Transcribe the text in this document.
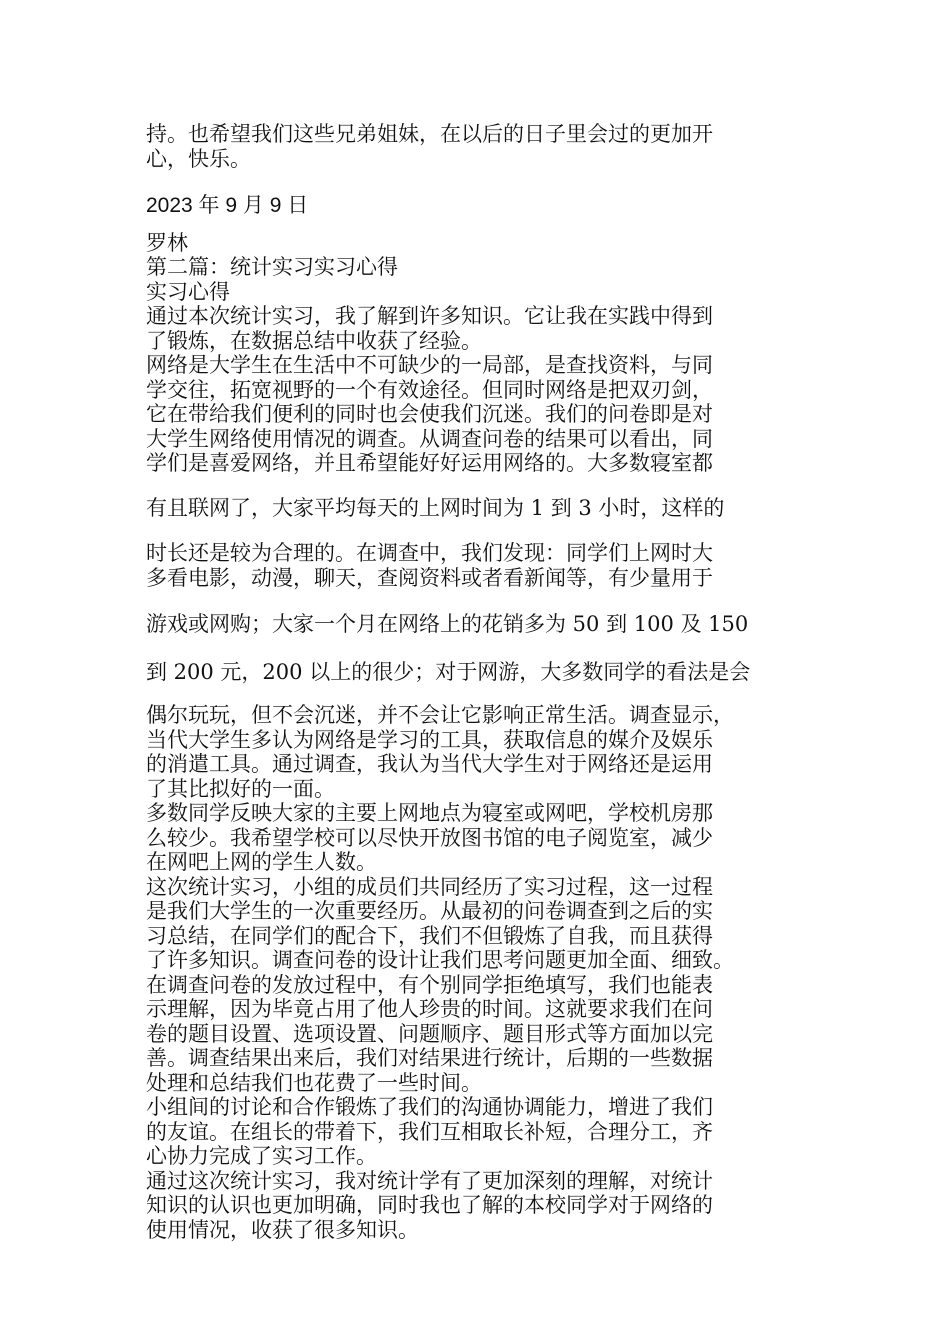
持。也希望我们这些兄弟姐妹，在以后的日子里会过的更加开

心，快乐。

2023 年 9 月 9 日

罗林

第二篇：统计实习实习心得

实习心得

通过本次统计实习，我了解到许多知识。它让我在实践中得到

了锻炼，在数据总结中收获了经验。

网络是大学生在生活中不可缺少的一局部，是查找资料，与同

学交往，拓宽视野的一个有效途径。但同时网络是把双刃剑，

它在带给我们便利的同时也会使我们沉迷。我们的问卷即是对

大学生网络使用情况的调查。从调查问卷的结果可以看出，同

学们是喜爱网络，并且希望能好好运用网络的。大多数寝室都

有且联网了，大家平均每天的上网时间为 1 到 3 小时，这样的

时长还是较为合理的。在调查中，我们发现：同学们上网时大

多看电影，动漫，聊天，查阅资料或者看新闻等，有少量用于

游戏或网购；大家一个月在网络上的花销多为 50 到 100 及 150

到 200 元，200 以上的很少；对于网游，大多数同学的看法是会

偶尔玩玩，但不会沉迷，并不会让它影响正常生活。调查显示，

当代大学生多认为网络是学习的工具，获取信息的媒介及娱乐

的消遣工具。通过调查，我认为当代大学生对于网络还是运用

了其比拟好的一面。

多数同学反映大家的主要上网地点为寝室或网吧，学校机房那

么较少。我希望学校可以尽快开放图书馆的电子阅览室，减少

在网吧上网的学生人数。

这次统计实习，小组的成员们共同经历了实习过程，这一过程

是我们大学生的一次重要经历。从最初的问卷调查到之后的实

习总结，在同学们的配合下，我们不但锻炼了自我，而且获得

了许多知识。调查问卷的设计让我们思考问题更加全面、细致。

在调查问卷的发放过程中，有个别同学拒绝填写，我们也能表

示理解，因为毕竟占用了他人珍贵的时间。这就要求我们在问

卷的题目设置、选项设置、问题顺序、题目形式等方面加以完

善。调查结果出来后，我们对结果进行统计，后期的一些数据

处理和总结我们也花费了一些时间。

小组间的讨论和合作锻炼了我们的沟通协调能力，增进了我们

的友谊。在组长的带着下，我们互相取长补短，合理分工，齐

心协力完成了实习工作。

通过这次统计实习，我对统计学有了更加深刻的理解，对统计

知识的认识也更加明确，同时我也了解的本校同学对于网络的

使用情况，收获了很多知识。
